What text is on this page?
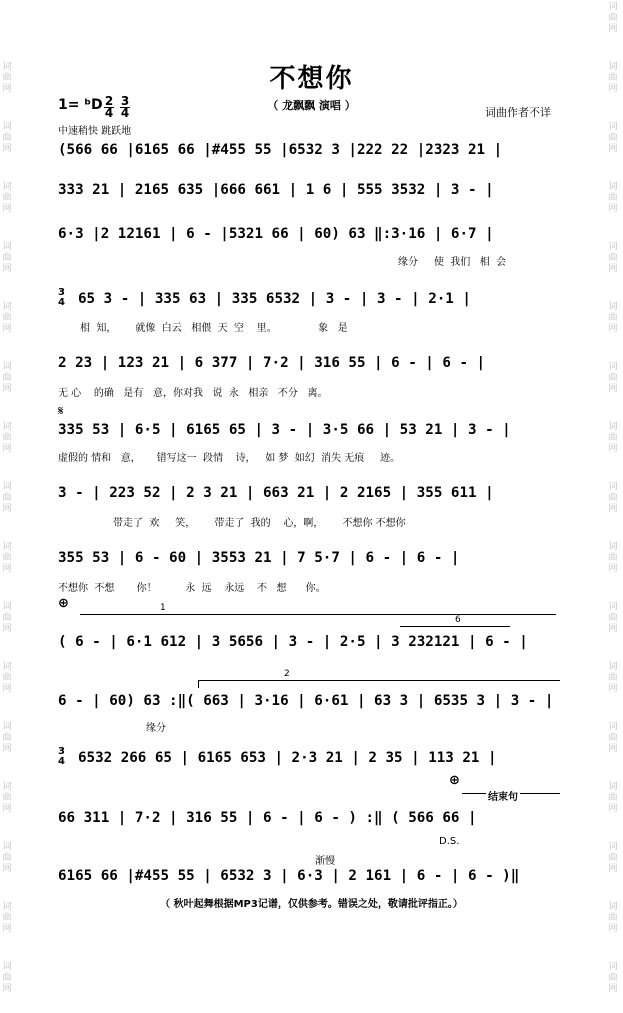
词
曲
网
词
曲
网
词
曲
网
词
曲
网
词
曲
网
词
曲
网
词
曲
网
词
曲
网
词
曲
网
词
曲
网
词
曲
网
词
曲
网
词
曲
网
词
曲
网
词
曲
网
词
曲
网
词
曲
网
词
曲
网
词
曲
网
词
曲
网
词
曲
网
词
曲
网
词
曲
网
词
曲
网
词
曲
网
词
曲
网
词
曲
网
词
曲
网
词
曲
网
词
曲
网
词
曲
网
词
曲
网
词
曲
网
不想你
（ 龙飘飘 演唱 ）
词曲作者不详
1= ᵇD $\frac{2}{4} \frac{3}{4}$
中速稍快 跳跃地
(566 66 |6165 66 |#455 55 |6532 3 |222 22 |2323 21 |
333 21 | 2165 635 |666 661 | 1 6 | 555 3532 | 3 - |
6·3 |2 12161 | 6 - |5321 66 | 60) 63 ‖:3·16 | 6·7 |
缘分     使  我们   相  会
3
4 65 3 - | 335 63 | 335 6532 | 3 - | 3 - | 2·1 |
相  知，      就像  白云   相偎  天  空    里。             象   是
2 23 | 123 21 | 6 377 | 7·2 | 316 55 | 6 - | 6 - |
无 心    的确   是有   意，你对我   说  永   相亲   不分   离。
𝄋
335 53 | 6·5 | 6165 65 | 3 - | 3·5 66 | 53 21 | 3 - |
虚假的 情和   意，     错写这一  段情    诗，   如 梦  如幻  消失 无痕     迹。
3 - | 223 52 | 2 3 21 | 663 21 | 2 2165 | 355 611 |
带走了  欢     笑，      带走了  我的    心，啊，      不想你 不想你
355 53 | 6 - 60 | 3553 21 | 7 5·7 | 6 - | 6 - |
不想你  不想       你！         永  远    永远    不   想      你。
⊕	1
6
( 6 - | 6·1 612 | 3 5656 | 3 - | 2·5 | 3 232121 | 6 - |
2
6 - | 60) 63 :‖( 663 | 3·16 | 6·61 | 63 3 | 6535 3 | 3 - |
缘分
3
4 6532 266 65 | 6165 653 | 2·3 21 | 2 35 | 113 21 |
⊕
结束句
66 311 | 7·2 | 316 55 | 6 - | 6 - ) :‖ ( 566 66 |
D.S.
渐慢
6165 66 |#455 55 | 6532 3 | 6·3 | 2 161 | 6 - | 6 - )‖
（ 秋叶起舞根据MP3记谱，仅供参考。错误之处，敬请批评指正。）
